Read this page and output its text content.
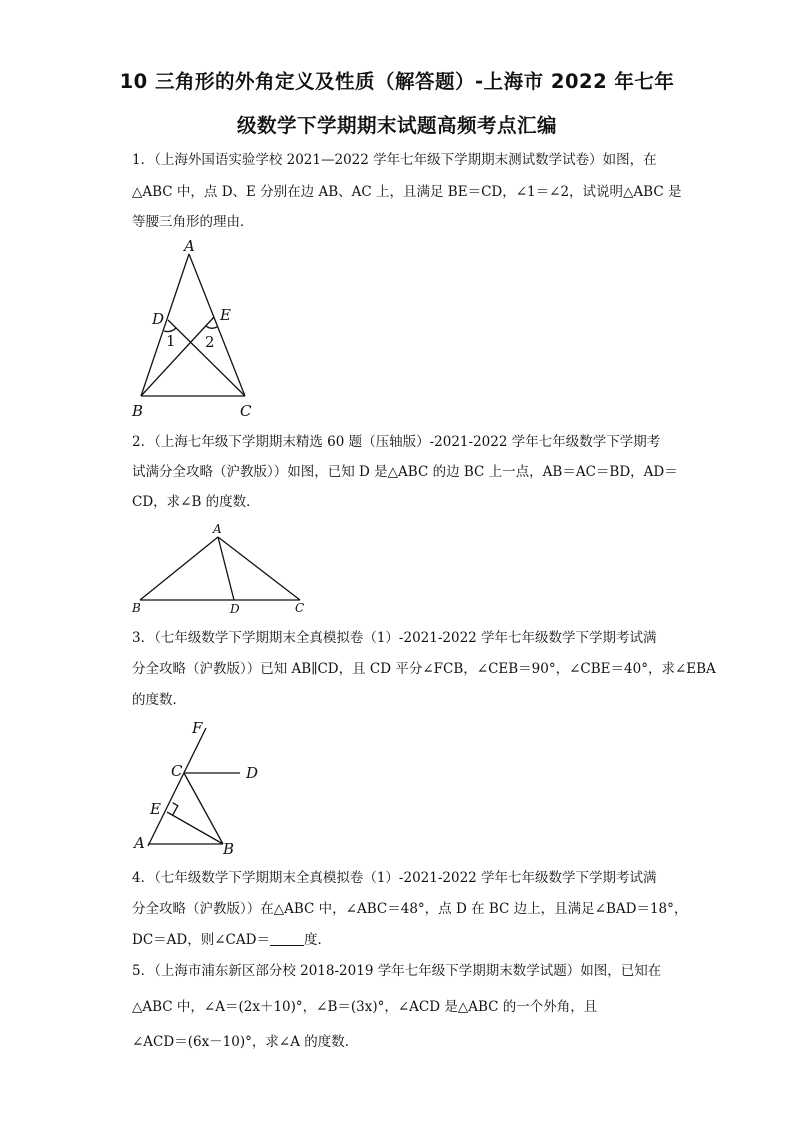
10 三角形的外角定义及性质（解答题）-上海市 2022 年七年
级数学下学期期末试题高频考点汇编
1．（上海外国语实验学校 2021—2022 学年七年级下学期期末测试数学试卷）如图，在
△ABC 中，点 D、E 分别在边 AB、AC 上，且满足 BE＝CD，∠1＝∠2，试说明△ABC 是
等腰三角形的理由．
A
B	C
D	E
1 2
2．（上海七年级下学期期末精选 60 题（压轴版）-2021-2022 学年七年级数学下学期考
试满分全攻略（沪教版））如图，已知 D 是△ABC 的边 BC 上一点，AB＝AC＝BD，AD＝
CD，求∠B 的度数．
A
B	D	C
3．（七年级数学下学期期末全真模拟卷（1）-2021-2022 学年七年级数学下学期考试满
分全攻略（沪教版））已知 AB∥CD，且 CD 平分∠FCB，∠CEB＝90°，∠CBE＝40°，求∠EBA
的度数．
F
C	D
E
A	B
4．（七年级数学下学期期末全真模拟卷（1）-2021-2022 学年七年级数学下学期考试满
分全攻略（沪教版））在△ABC 中，∠ABC＝48°，点 D 在 BC 边上，且满足∠BAD＝18°，
DC＝AD，则∠CAD＝	度．
5．（上海市浦东新区部分校 2018-2019 学年七年级下学期期末数学试题）如图，已知在
△ABC 中，∠A＝(2x＋10)°，∠B＝(3x)°，∠ACD 是△ABC 的一个外角，且
∠ACD＝(6x－10)°，求∠A 的度数．
